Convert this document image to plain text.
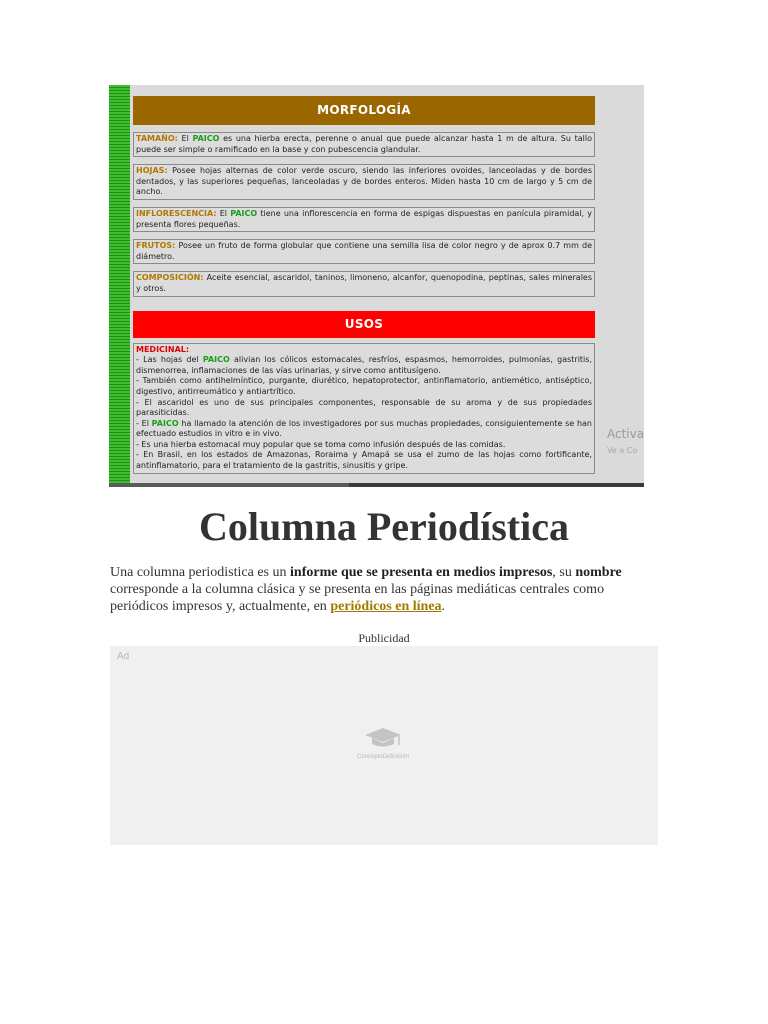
MORFOLOGÍA
TAMAÑO: El PAICO es una hierba erecta, perenne o anual que puede alcanzar hasta 1 m de altura. Su tallo puede ser simple o ramificado en la base y con pubescencia glandular.
HOJAS: Posee hojas alternas de color verde oscuro, siendo las inferiores ovoides, lanceoladas y de bordes dentados, y las superiores pequeñas, lanceoladas y de bordes enteros. Miden hasta 10 cm de largo y 5 cm de ancho.
INFLORESCENCIA: El PAICO tiene una inflorescencia en forma de espigas dispuestas en panícula piramidal, y presenta flores pequeñas.
FRUTOS: Posee un fruto de forma globular que contiene una semilla lisa de color negro y de aprox 0.7 mm de diámetro.
COMPOSICIÓN: Aceite esencial, ascaridol, taninos, limoneno, alcanfor, quenopodina, peptinas, sales minerales y otros.
USOS
MEDICINAL:
- Las hojas del PAICO alivian los cólicos estomacales, resfríos, espasmos, hemorroides, pulmonías, gastritis, dismenorrea, inflamaciones de las vías urinarias, y sirve como antitusígeno.
- También como antihelmíntico, purgante, diurético, hepatoprotector, antinflamatorio, antiemético, antiséptico, digestivo, antirreumático y antiartrítico.
- El ascaridol es uno de sus principales componentes, responsable de su aroma y de sus propiedades parasiticidas.
- El PAICO ha llamado la atención de los investigadores por sus muchas propiedades, consiguientemente se han efectuado estudios in vitro e in vivo.
- Es una hierba estomacal muy popular que se toma como infusión después de las comidas.
- En Brasil, en los estados de Amazonas, Roraima y Amapá se usa el zumo de las hojas como fortificante, antinflamatorio, para el tratamiento de la gastritis, sinusitis y gripe.
Activa
Ve a Co
Columna Periodística

Una columna periodistica es un informe que se presenta en medios impresos, su nombre corresponde a la columna clásica y se presenta en las páginas mediáticas centrales como periódicos impresos y, actualmente, en periódicos en línea.

Publicidad
Ad
ConceptoDefinición
